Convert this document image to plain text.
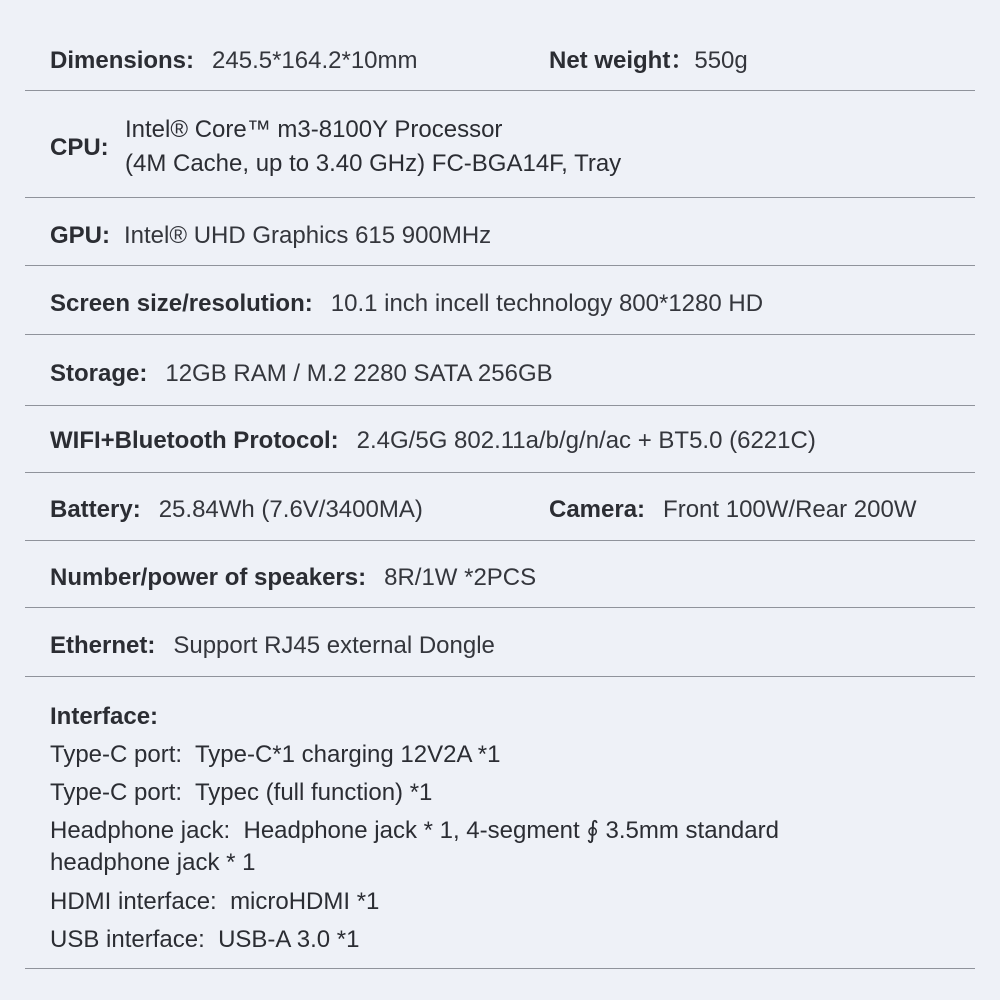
Dimensions: 245.5*164.2*10mm	Net weight：550g
CPU:
Intel® Core™ m3-8100Y Processor
(4M Cache, up to 3.40 GHz) FC-BGA14F, Tray
GPU: Intel® UHD Graphics 615 900MHz
Screen size/resolution: 10.1 inch incell technology 800*1280 HD
Storage: 12GB RAM / M.2 2280 SATA 256GB
WIFI+Bluetooth Protocol: 2.4G/5G 802.11a/b/g/n/ac + BT5.0 (6221C)
Battery: 25.84Wh (7.6V/3400MA)	Camera: Front 100W/Rear 200W
Number/power of speakers: 8R/1W *2PCS
Ethernet: Support RJ45 external Dongle
Interface:
Type-C port: Type-C*1 charging 12V2A *1
Type-C port: Typec (full function) *1
Headphone jack: Headphone jack * 1, 4-segment ∮ 3.5mm standard
headphone jack * 1
HDMI interface: microHDMI *1
USB interface: USB-A 3.0 *1
